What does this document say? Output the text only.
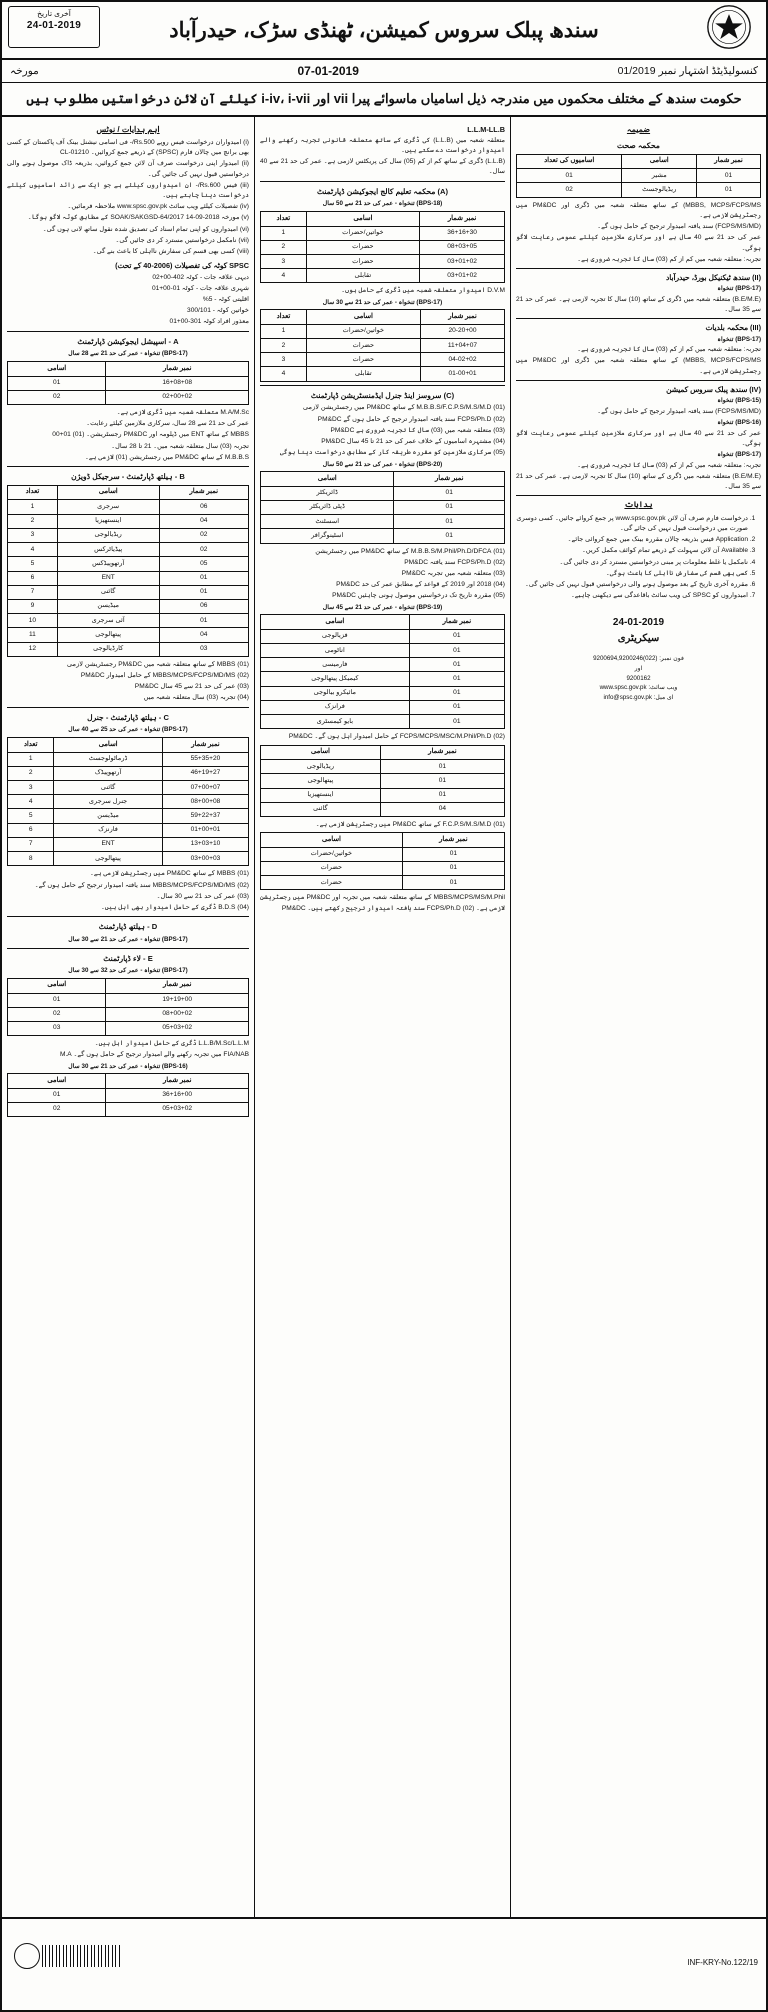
آخری تاریخ
24-01-2019	سندھ پبلک سروس کمیشن، ٹھنڈی سڑک، حیدرآباد
کنسولیڈیٹڈ اشتہار نمبر 01/2019
07-01-2019
مورخہ
حکومت سندھ کے مختلف محکموں میں مندرجہ ذیل اسامیاں ماسوائے پیرا vii اور i-iv، i-vii کیلئے آن لائن درخواستیں مطلوب ہیں
ضمیمہ
محکمہ صحت
نمبر شمار	اسامی	اسامیوں کی تعداد
01	مشیر	01
01	ریڈیالوجسٹ	02

MBBS, MCPS/FCPS/MS) کے ساتھ متعلقہ شعبہ میں ڈگری اور PM&DC میں رجسٹریشن لازمی ہے۔

(FCPS/MS/MD) سند یافتہ امیدوار ترجیح کے حامل ہوں گے۔

عمر کی حد 21 سے 40 سال ہے اور سرکاری ملازمین کیلئے عمومی رعایت لاگو ہوگی۔

تجربہ: متعلقہ شعبہ میں کم از کم (03) سال کا تجربہ ضروری ہے۔

(II) سندھ ٹیکنیکل بورڈ، حیدرآباد
(BPS-17) تنخواہ

(B.E/M.E) متعلقہ شعبہ میں ڈگری کے ساتھ (10) سال کا تجربہ لازمی ہے۔ عمر کی حد 21 سے 35 سال۔

(III) محکمہ بلدیات
(BPS-17) تنخواہ

تجربہ: متعلقہ شعبہ میں کم از کم (03) سال کا تجربہ ضروری ہے۔

MBBS, MCPS/FCPS/MS) کے ساتھ متعلقہ شعبہ میں ڈگری اور PM&DC میں رجسٹریشن لازمی ہے۔

(IV) سندھ پبلک سروس کمیشن
(BPS-15) تنخواہ

(FCPS/MS/MD) سند یافتہ امیدوار ترجیح کے حامل ہوں گے۔

(BPS-16) تنخواہ

عمر کی حد 21 سے 40 سال ہے اور سرکاری ملازمین کیلئے عمومی رعایت لاگو ہوگی۔

(BPS-17) تنخواہ

تجربہ: متعلقہ شعبہ میں کم از کم (03) سال کا تجربہ ضروری ہے۔

(B.E/M.E) متعلقہ شعبہ میں ڈگری کے ساتھ (10) سال کا تجربہ لازمی ہے۔ عمر کی حد 21 سے 35 سال۔

ہدایات
1. درخواست فارم صرف آن لائن www.spsc.gov.pk پر جمع کروائے جائیں۔ کسی دوسری صورت میں درخواست قبول نہیں کی جائے گی۔
2. Application فیس بذریعہ چالان مقررہ بینک میں جمع کروائی جائے۔
3. Available آن لائن سہولت کے ذریعے تمام کوائف مکمل کریں۔
4. نامکمل یا غلط معلومات پر مبنی درخواستیں مسترد کر دی جائیں گی۔
5. کسی بھی قسم کی سفارش نااہلی کا باعث ہوگی۔
6. مقررہ آخری تاریخ کے بعد موصول ہونے والی درخواستیں قبول نہیں کی جائیں گی۔
7. امیدواروں کو SPSC کی ویب سائٹ باقاعدگی سے دیکھنی چاہیے۔
24-01-2019
سیکریٹری
فون نمبر: (022)9200694,9200246
اور
9200162
ویب سائٹ: www.spsc.gov.pk
ای میل: info@spsc.gov.pk
L.L.M-LL.B

متعلقہ شعبہ میں (L.L.B) کی ڈگری کے ساتھ متعلقہ قانونی تجربہ رکھنے والے امیدوار درخواست دے سکتے ہیں۔

(L.L.B) ڈگری کے ساتھ کم از کم (05) سال کی پریکٹس لازمی ہے۔ عمر کی حد 21 سے 40 سال۔

(A) محکمہ تعلیم کالج ایجوکیشن ڈپارٹمنٹ
(BPS-18) تنخواہ - عمر کی حد 21 سے 50 سال
نمبر شمار	اسامی	تعداد
36+16+30	خواتین/حضرات	1
08+03+05	حضرات	2
03+01+02	حضرات	3
03+01+02	تقابلی	4

D.V.M امیدوار متعلقہ شعبہ میں ڈگری کے حامل ہوں۔

(BPS-17) تنخواہ - عمر کی حد 21 سے 30 سال
نمبر شمار	اسامی	تعداد
20-20+00	خواتین/حضرات	1
11+04+07	حضرات	2
04-02+02	حضرات	3
01-00+01	تقابلی	4
(C) سروسز اینڈ جنرل ایڈمنسٹریشن ڈپارٹمنٹ

(01) M.B.B.S/F.C.P.S/M.S/M.D کے ساتھ PM&DC میں رجسٹریشن لازمی

(02) FCPS/Ph.D سند یافتہ امیدوار ترجیح کے حامل ہوں گے PM&DC

(03) متعلقہ شعبہ میں (03) سال کا تجربہ ضروری ہے PM&DC

(04) مشتہرہ اسامیوں کے خلاف عمر کی حد 21 تا 45 سال PM&DC

(05) سرکاری ملازمین کو مقررہ طریقہ کار کے مطابق درخواست دینا ہوگی

(BPS-20) تنخواہ - عمر کی حد 21 سے 50 سال
نمبر شمار	اسامی
01	ڈائریکٹر
01	ڈپٹی ڈائریکٹر
01	اسسٹنٹ
01	اسٹینوگرافر

(01) M.B.B.S/M.Phil/Ph.D/DFCA کے ساتھ PM&DC میں رجسٹریشن

(02) FCPS/Ph.D سند یافتہ PM&DC

(03) متعلقہ شعبہ میں تجربہ PM&DC

(04) 2018 اور 2019 کے قواعد کے مطابق عمر کی حد PM&DC

(05) مقررہ تاریخ تک درخواستیں موصول ہونی چاہئیں PM&DC

(BPS-19) تنخواہ - عمر کی حد 21 سے 45 سال
نمبر شمار	اسامی
01	فزیالوجی
01	اناٹومی
01	فارمیسی
01	کیمیکل پیتھالوجی
01	مائیکرو بیالوجی
01	فرانزک
01	بایو کیمسٹری

(02) FCPS/MCPS/MSC/M.Phil/Ph.D کے حامل امیدوار اہل ہوں گے۔ PM&DC

نمبر شمار	اسامی
01	ریڈیالوجی
01	پیتھالوجی
01	اینستھیزیا
04	گائنی

(01) F.C.P.S/M.S/M.D کے ساتھ PM&DC میں رجسٹریشن لازمی ہے۔

نمبر شمار	اسامی
01	خواتین/حضرات
01	حضرات
01	حضرات

MBBS/MCPS/MS/M.Phil کے ساتھ متعلقہ شعبہ میں تجربہ اور PM&DC میں رجسٹریشن لازمی ہے۔ (02) FCPS/Ph.D سند یافتہ امیدوار ترجیح رکھتے ہیں۔ PM&DC

اہم ہدایات / نوٹس

(i) امیدواران درخواست فیس روپے Rs.500/- فی اسامی نیشنل بینک آف پاکستان کے کسی بھی برانچ میں چالان فارم (SPSC) کے ذریعے جمع کروائیں۔ CL-01210

(ii) امیدوار اپنی درخواست صرف آن لائن جمع کروائیں، بذریعہ ڈاک موصول ہونے والی درخواستیں قبول نہیں کی جائیں گی۔

(iii) فیس Rs.600/- ان امیدواروں کیلئے ہے جو ایک سے زائد اسامیوں کیلئے درخواست دینا چاہتے ہیں۔

(iv) تفصیلات کیلئے ویب سائٹ www.spsc.gov.pk ملاحظہ فرمائیں۔

(v) مورخہ SOAK/SAKGSD-64/2017 14-09-2018 کے مطابق کوٹہ لاگو ہوگا۔

(vi) امیدواروں کو اپنی تمام اسناد کی تصدیق شدہ نقول ساتھ لانی ہوں گی۔

(vii) نامکمل درخواستیں مسترد کر دی جائیں گی۔

(viii) کسی بھی قسم کی سفارش نااہلی کا باعث بنے گی۔

SPSC کوٹہ کی تفصیلات (2006-40 کے تحت)

دیہی علاقہ جات - کوٹہ 402-00+02

شہری علاقہ جات - کوٹہ 01-00+01

اقلیتی کوٹہ - 5%

خواتین کوٹہ - 300/101

معذور افراد کوٹہ 301-00+01

A - اسپیشل ایجوکیشن ڈپارٹمنٹ
(BPS-17) تنخواہ - عمر کی حد 21 سے 28 سال
نمبر شمار	اسامی
16+08+08	01
02+00+02	02

M.A/M.Sc متعلقہ شعبہ میں ڈگری لازمی ہے۔

عمر کی حد 21 سے 28 سال، سرکاری ملازمین کیلئے رعایت۔

MBBS کے ساتھ ENT میں ڈپلومہ اور PM&DC رجسٹریشن۔ (01) 01+00

تجربہ (03) سال متعلقہ شعبہ میں۔ 21 تا 28 سال۔

M.B.B.S کے ساتھ PM&DC میں رجسٹریشن (01) لازمی ہے۔

B - ہیلتھ ڈپارٹمنٹ - سرجیکل ڈویژن
نمبر شمار	اسامی	تعداد
06	سرجری	1
04	اینستھیزیا	2
02	ریڈیالوجی	3
02	پیڈیاٹرکس	4
05	آرتھوپیڈکس	5
01	ENT	6
01	گائنی	7
06	میڈیسن	9
01	آئی سرجری	10
04	پیتھالوجی	11
03	کارڈیالوجی	12

(01) MBBS کے ساتھ متعلقہ شعبہ میں PM&DC رجسٹریشن لازمی

(02) MBBS/MCPS/FCPS/MD/MS کے حامل امیدوار PM&DC

(03) عمر کی حد 21 سے 45 سال PM&DC

(04) تجربہ (03) سال متعلقہ شعبہ میں

C - ہیلتھ ڈپارٹمنٹ - جنرل
(BPS-17) تنخواہ - عمر کی حد 25 سے 40 سال
نمبر شمار	اسامی	تعداد
55+35+20	ڈرماٹولوجسٹ	1
46+19+27	آرتھوپیڈک	2
07+00+07	گائنی	3
08+00+08	جنرل سرجری	4
59+22+37	میڈیسن	5
01+00+01	فارنزک	6
13+03+10	ENT	7
03+00+03	پیتھالوجی	8

(01) MBBS کے ساتھ PM&DC میں رجسٹریشن لازمی ہے۔

(02) MBBS/MCPS/FCPS/MD/MS سند یافتہ امیدوار ترجیح کے حامل ہوں گے۔

(03) عمر کی حد 21 سے 30 سال۔

(04) B.D.S ڈگری کے حامل امیدوار بھی اہل ہیں۔

D - ہیلتھ ڈپارٹمنٹ
(BPS-17) تنخواہ - عمر کی حد 21 سے 30 سال
E - لاء ڈپارٹمنٹ
(BPS-17) تنخواہ - عمر کی حد 32 سے 30 سال
نمبر شمار	اسامی
19+19+00	01
08+00+02	02
05+03+02	03

L.L.B/M.Sc/L.L.M ڈگری کے حامل امیدوار اہل ہیں۔

FIA/NAB میں تجربہ رکھنے والے امیدوار ترجیح کے حامل ہوں گے۔ M.A

(BPS-16) تنخواہ - عمر کی حد 21 سے 30 سال
نمبر شمار	اسامی
36+16+00	01
05+03+02	02
INF-KRY-No.122/19
